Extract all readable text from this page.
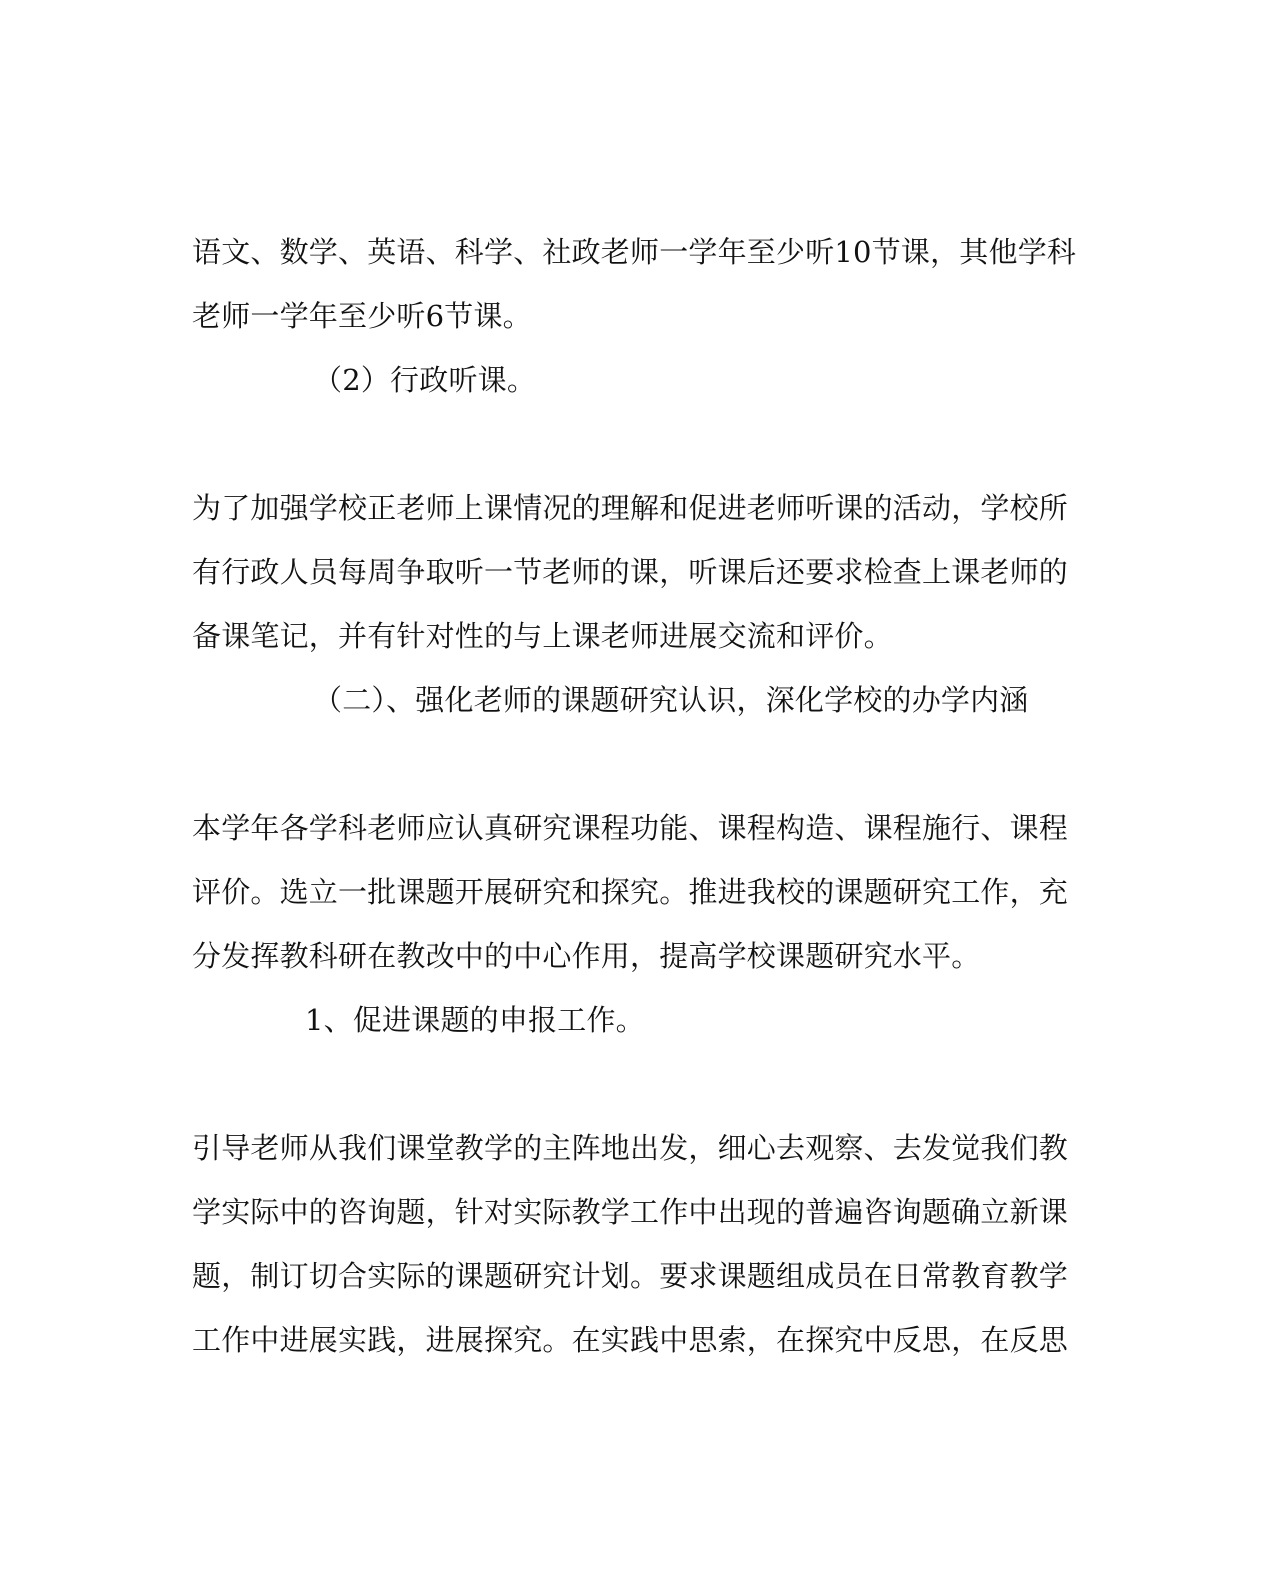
语文、数学、英语、科学、社政老师一学年至少听10节课，其他学科
老师一学年至少听6节课。
（2）行政听课。
为了加强学校正老师上课情况的理解和促进老师听课的活动，学校所
有行政人员每周争取听一节老师的课，听课后还要求检查上课老师的
备课笔记，并有针对性的与上课老师进展交流和评价。
（二）、强化老师的课题研究认识，深化学校的办学内涵
本学年各学科老师应认真研究课程功能、课程构造、课程施行、课程
评价。选立一批课题开展研究和探究。推进我校的课题研究工作，充
分发挥教科研在教改中的中心作用，提高学校课题研究水平。
1、促进课题的申报工作。
引导老师从我们课堂教学的主阵地出发，细心去观察、去发觉我们教
学实际中的咨询题，针对实际教学工作中出现的普遍咨询题确立新课
题，制订切合实际的课题研究计划。要求课题组成员在日常教育教学
工作中进展实践，进展探究。在实践中思索，在探究中反思，在反思
